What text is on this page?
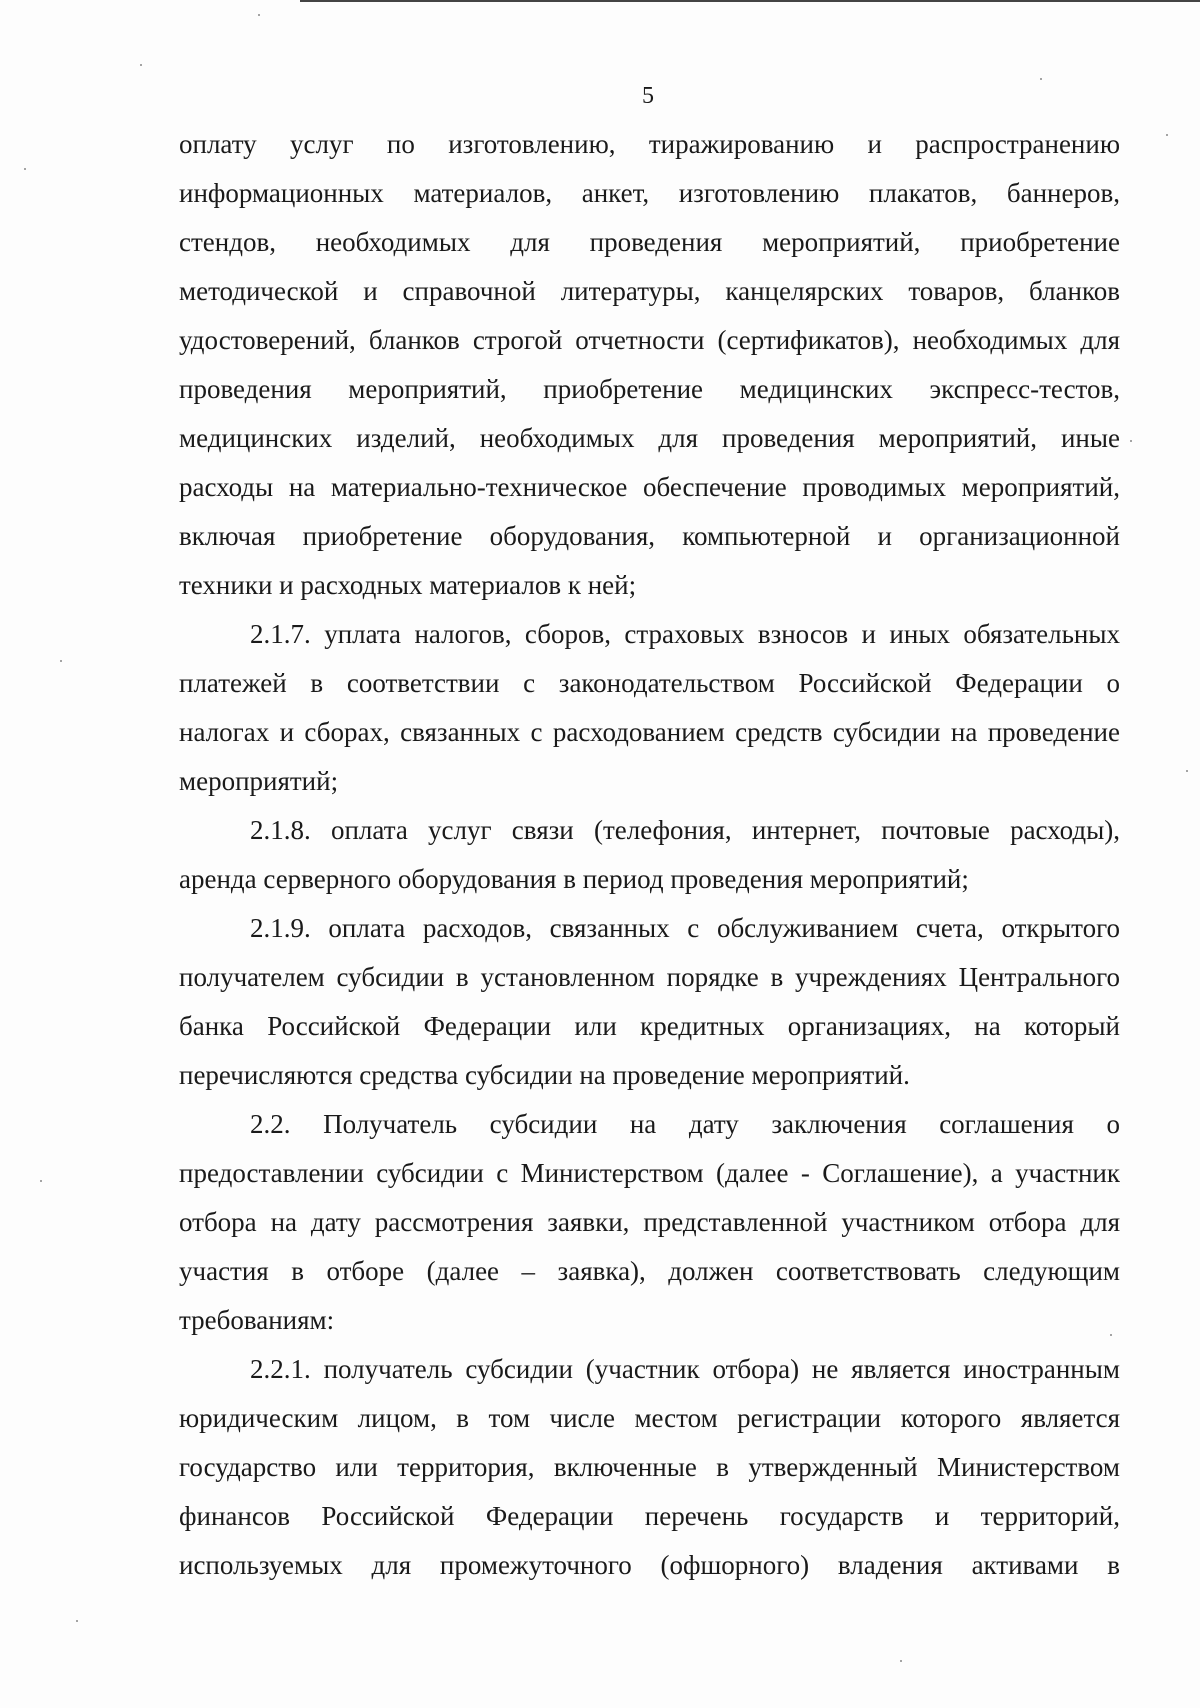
5
оплату услуг по изготовлению, тиражированию и распространению
информационных материалов, анкет, изготовлению плакатов, баннеров,
стендов, необходимых для проведения мероприятий, приобретение
методической и справочной литературы, канцелярских товаров, бланков
удостоверений, бланков строгой отчетности (сертификатов), необходимых для
проведения мероприятий, приобретение медицинских экспресс-тестов,
медицинских изделий, необходимых для проведения мероприятий, иные
расходы на материально-техническое обеспечение проводимых мероприятий,
включая приобретение оборудования, компьютерной и организационной
техники и расходных материалов к ней;
2.1.7. уплата налогов, сборов, страховых взносов и иных обязательных
платежей в соответствии с законодательством Российской Федерации о
налогах и сборах, связанных с расходованием средств субсидии на проведение
мероприятий;
2.1.8. оплата услуг связи (телефония, интернет, почтовые расходы),
аренда серверного оборудования в период проведения мероприятий;
2.1.9. оплата расходов, связанных с обслуживанием счета, открытого
получателем субсидии в установленном порядке в учреждениях Центрального
банка Российской Федерации или кредитных организациях, на который
перечисляются средства субсидии на проведение мероприятий.
2.2. Получатель субсидии на дату заключения соглашения о
предоставлении субсидии с Министерством (далее - Соглашение), а участник
отбора на дату рассмотрения заявки, представленной участником отбора для
участия в отборе (далее – заявка), должен соответствовать следующим
требованиям:
2.2.1. получатель субсидии (участник отбора) не является иностранным
юридическим лицом, в том числе местом регистрации которого является
государство или территория, включенные в утвержденный Министерством
финансов Российской Федерации перечень государств и территорий,
используемых для промежуточного (офшорного) владения активами в
